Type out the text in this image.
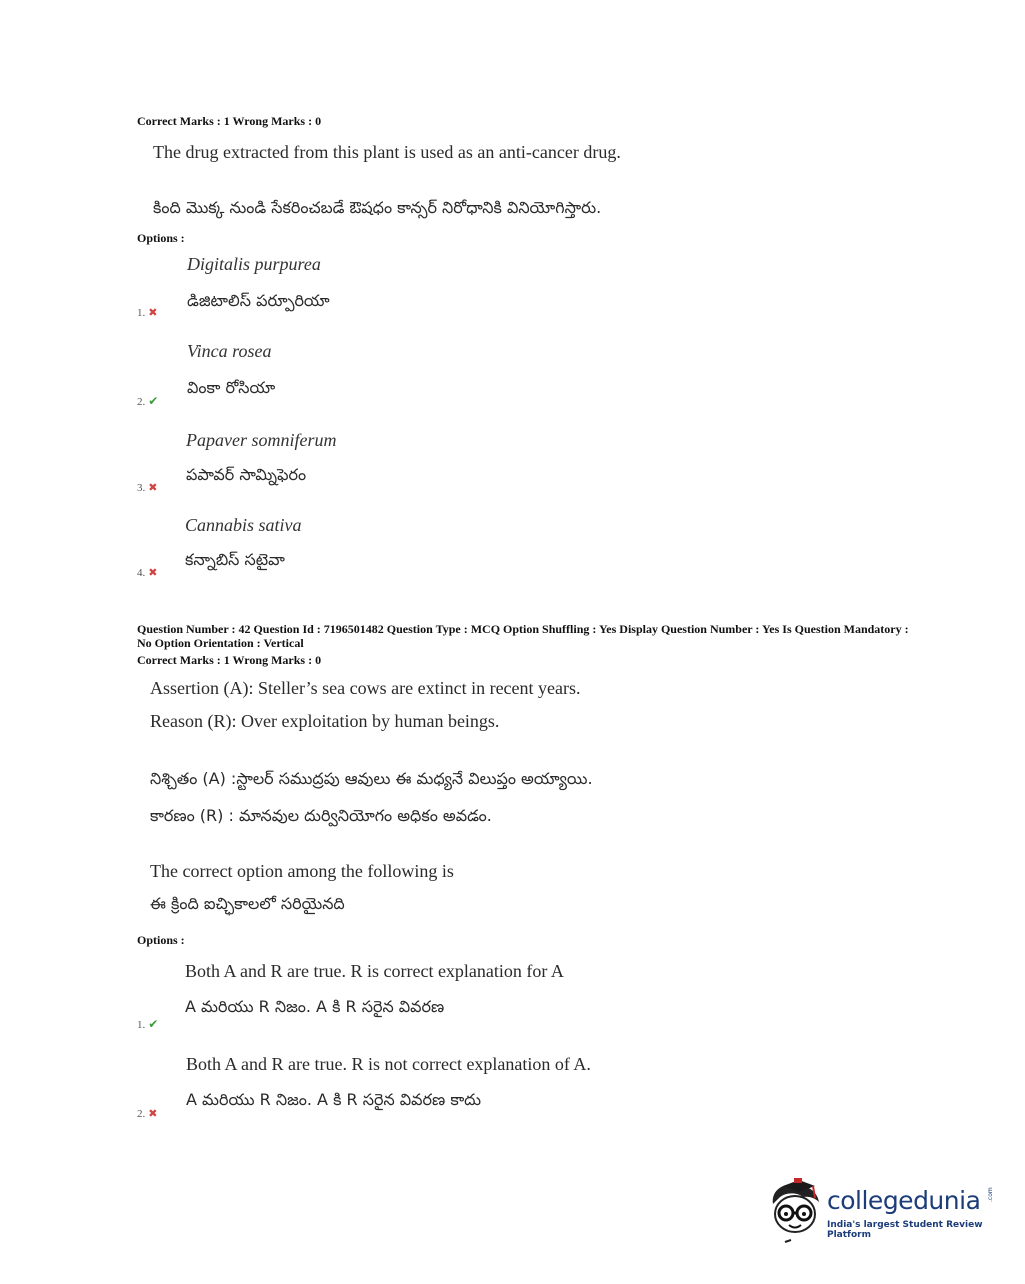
Correct Marks : 1 Wrong Marks : 0
The drug extracted from this plant is used as an anti-cancer drug.
కింది మొక్క నుండి సేకరించబడే ఔషధం కాన్సర్ నిరోధానికి వినియోగిస్తారు.
Options :
Digitalis purpurea
డిజిటాలిస్ పర్పూరియా
1. ✖
Vinca rosea
వింకా రోసియా
2. ✔
Papaver somniferum
పపావర్ సామ్నిఫెరం
3. ✖
Cannabis sativa
కన్నాబిస్ సటైవా
4. ✖
Question Number : 42 Question Id : 7196501482 Question Type : MCQ Option Shuffling : Yes Display Question Number : Yes Is Question Mandatory : No Option Orientation : Vertical
Correct Marks : 1 Wrong Marks : 0
Assertion (A): Steller’s sea cows are extinct in recent years.
Reason (R): Over exploitation by human beings.
నిశ్చితం (A) :స్టాలర్ సముద్రపు ఆవులు ఈ మధ్యనే విలుప్తం అయ్యాయి.
కారణం (R) : మానవుల దుర్వినియోగం అధికం అవడం.
The correct option among the following is
ఈ క్రింది ఐచ్ఛికాలలో సరియైనది
Options :
Both A and R are true. R is correct explanation for A
A మరియు R నిజం. A కి R సరైన వివరణ
1. ✔
Both A and R are true. R is not correct explanation of A.
A మరియు R నిజం. A కి R సరైన వివరణ కాదు
2. ✖
collegedunia .com
India's largest Student Review Platform
